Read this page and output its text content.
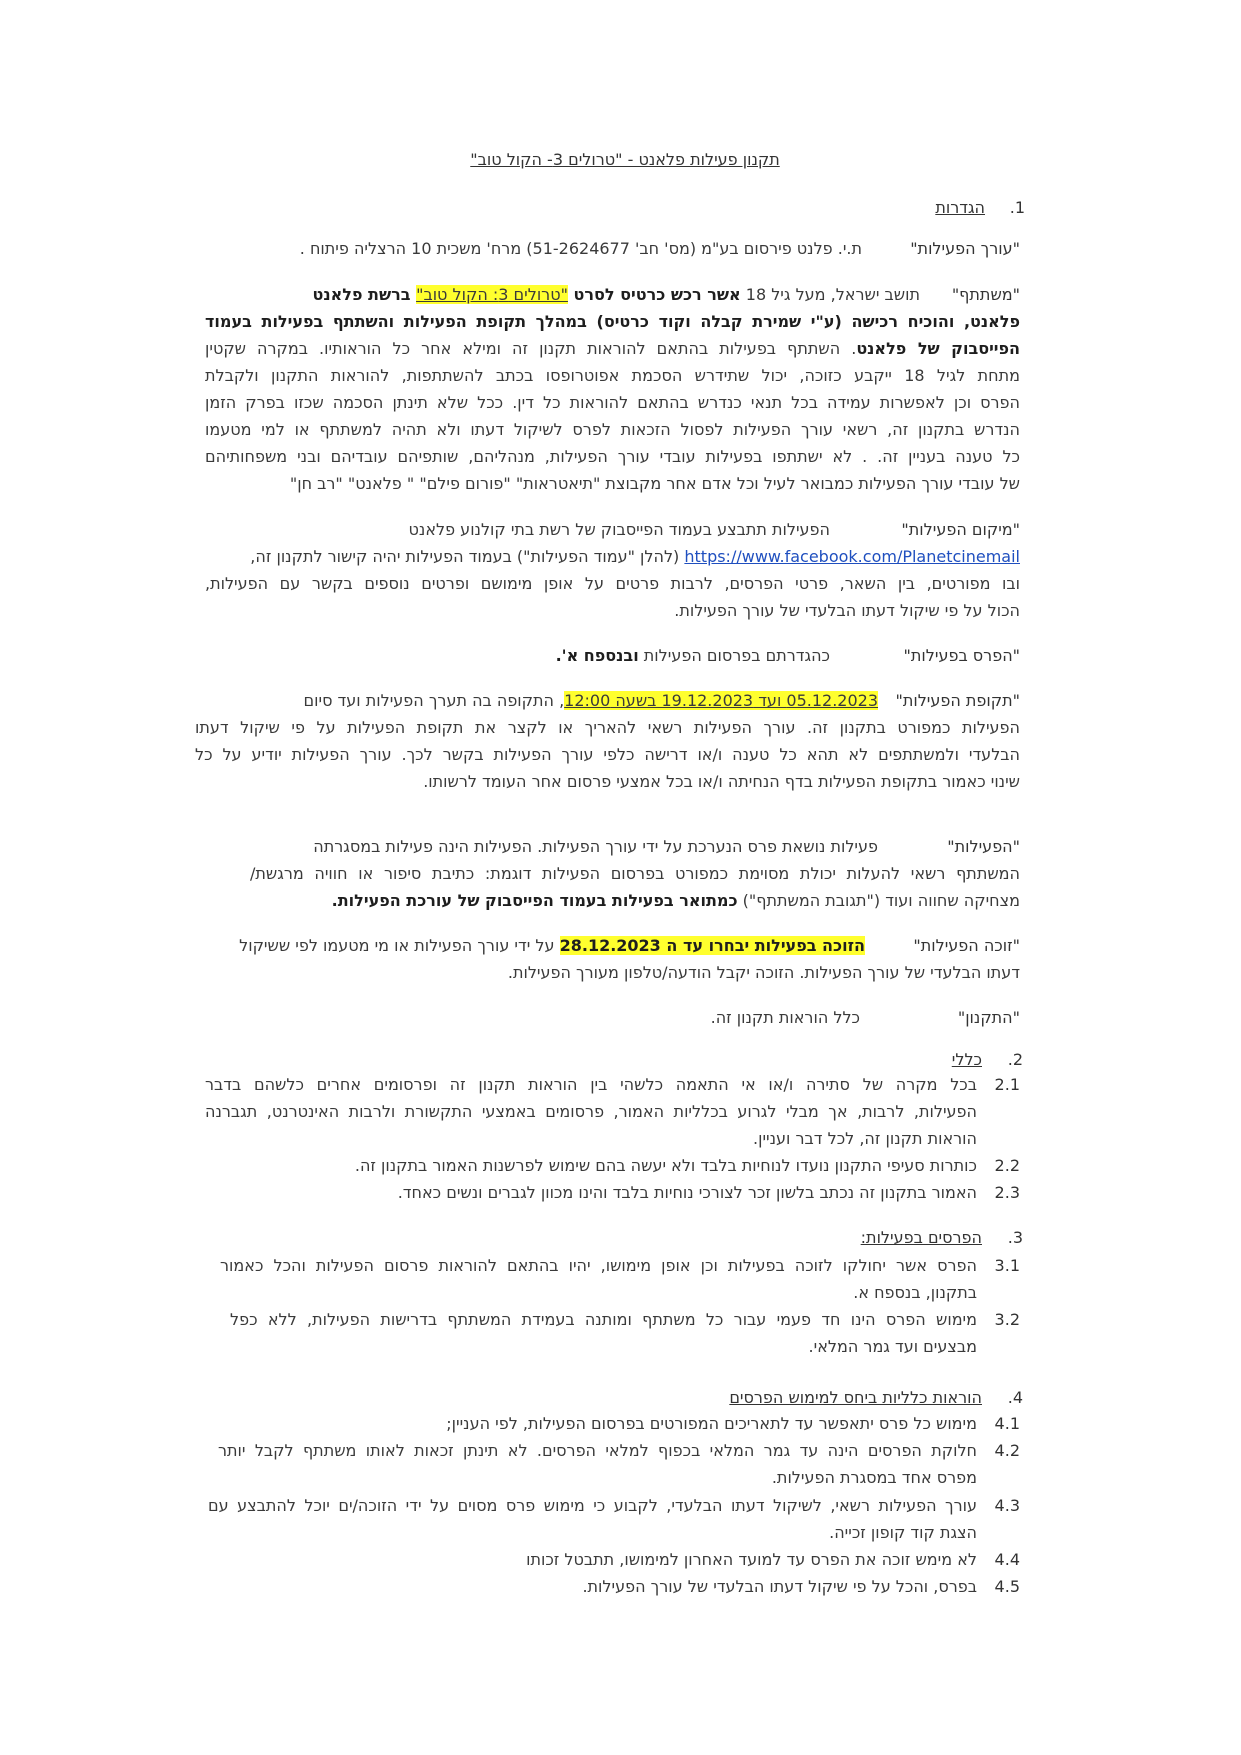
תקנון פעילות פלאנט - "טרולים 3- הקול טוב"
1.
הגדרות
"עורך הפעילות"
ת.י. פלנט פירסום בע"מ (מס' חב' 51-2624677) מרח' משכית 10 הרצליה פיתוח .
"משתתף"
תושב ישראל, מעל גיל 18 אשר רכש כרטיס לסרט "טרולים 3: הקול טוב" ברשת פלאנט
פלאנט, והוכיח רכישה (ע"י שמירת קבלה וקוד כרטיס) במהלך תקופת הפעילות והשתתף בפעילות בעמוד
הפייסבוק של פלאנט. השתתף בפעילות בהתאם להוראות תקנון זה ומילא אחר כל הוראותיו. במקרה שקטין
מתחת לגיל 18 ייקבע כזוכה, יכול שתידרש הסכמת אפוטרופסו בכתב להשתתפות, להוראות התקנון ולקבלת
הפרס וכן לאפשרות עמידה בכל תנאי כנדרש בהתאם להוראות כל דין. ככל שלא תינתן הסכמה שכזו בפרק הזמן
הנדרש בתקנון זה, רשאי עורך הפעילות לפסול הזכאות לפרס לשיקול דעתו ולא תהיה למשתתף או למי מטעמו
כל טענה בעניין זה. . לא ישתתפו בפעילות עובדי עורך הפעילות, מנהליהם, שותפיהם עובדיהם ובני משפחותיהם
של עובדי עורך הפעילות כמבואר לעיל וכל אדם אחר מקבוצת "תיאטראות" "פורום פילם" " פלאנט" "רב חן"
"מיקום הפעילות"
הפעילות תתבצע בעמוד הפייסבוק של רשת בתי קולנוע פלאנט
https://www.facebook.com/Planetcinemail (להלן "עמוד הפעילות") בעמוד הפעילות יהיה קישור לתקנון זה,
ובו מפורטים, בין השאר, פרטי הפרסים, לרבות פרטים על אופן מימושם ופרטים נוספים בקשר עם הפעילות,
הכול על פי שיקול דעתו הבלעדי של עורך הפעילות.
"הפרס בפעילות"
כהגדרתם בפרסום הפעילות ובנספח א'.
"תקופת הפעילות"
05.12.2023 ועד 19.12.2023 בשעה 12:00, התקופה בה תערך הפעילות ועד סיום
הפעילות כמפורט בתקנון זה. עורך הפעילות רשאי להאריך או לקצר את תקופת הפעילות על פי שיקול דעתו
הבלעדי ולמשתתפים לא תהא כל טענה ו/או דרישה כלפי עורך הפעילות בקשר לכך. עורך הפעילות יודיע על כל
שינוי כאמור בתקופת הפעילות בדף הנחיתה ו/או בכל אמצעי פרסום אחר העומד לרשותו.
"הפעילות"
פעילות נושאת פרס הנערכת על ידי עורך הפעילות. הפעילות הינה פעילות במסגרתה
המשתתף רשאי להעלות יכולת מסוימת כמפורט בפרסום הפעילות דוגמת: כתיבת סיפור או חוויה מרגשת/
מצחיקה שחווה ועוד ("תגובת המשתתף") כמתואר בפעילות בעמוד הפייסבוק של עורכת הפעילות.
"זוכה הפעילות"
הזוכה בפעילות יבחרו עד ה 28.12.2023 על ידי עורך הפעילות או מי מטעמו לפי ששיקול
דעתו הבלעדי של עורך הפעילות. הזוכה יקבל הודעה/טלפון מעורך הפעילות.
"התקנון"
כלל הוראות תקנון זה.
2.
כללי
2.1
בכל מקרה של סתירה ו/או אי התאמה כלשהי בין הוראות תקנון זה ופרסומים אחרים כלשהם בדבר
הפעילות, לרבות, אך מבלי לגרוע בכלליות האמור, פרסומים באמצעי התקשורת ולרבות האינטרנט, תגברנה
הוראות תקנון זה, לכל דבר ועניין.
2.2
כותרות סעיפי התקנון נועדו לנוחיות בלבד ולא יעשה בהם שימוש לפרשנות האמור בתקנון זה.
2.3
האמור בתקנון זה נכתב בלשון זכר לצורכי נוחיות בלבד והינו מכוון לגברים ונשים כאחד.
3.
הפרסים בפעילות:
3.1
הפרס אשר יחולקו לזוכה בפעילות וכן אופן מימושו, יהיו בהתאם להוראות פרסום הפעילות והכל כאמור
בתקנון, בנספח א.
3.2
מימוש הפרס הינו חד פעמי עבור כל משתתף ומותנה בעמידת המשתתף בדרישות הפעילות, ללא כפל
מבצעים ועד גמר המלאי.
4.
הוראות כלליות ביחס למימוש הפרסים
4.1
מימוש כל פרס יתאפשר עד לתאריכים המפורטים בפרסום הפעילות, לפי העניין;
4.2
חלוקת הפרסים הינה עד גמר המלאי בכפוף למלאי הפרסים. לא תינתן זכאות לאותו משתתף לקבל יותר
מפרס אחד במסגרת הפעילות.
4.3
עורך הפעילות רשאי, לשיקול דעתו הבלעדי, לקבוע כי מימוש פרס מסוים על ידי הזוכה/ים יוכל להתבצע עם
הצגת קוד קופון זכייה.
4.4
לא מימש זוכה את הפרס עד למועד האחרון למימושו, תתבטל זכותו
4.5
בפרס, והכל על פי שיקול דעתו הבלעדי של עורך הפעילות.
